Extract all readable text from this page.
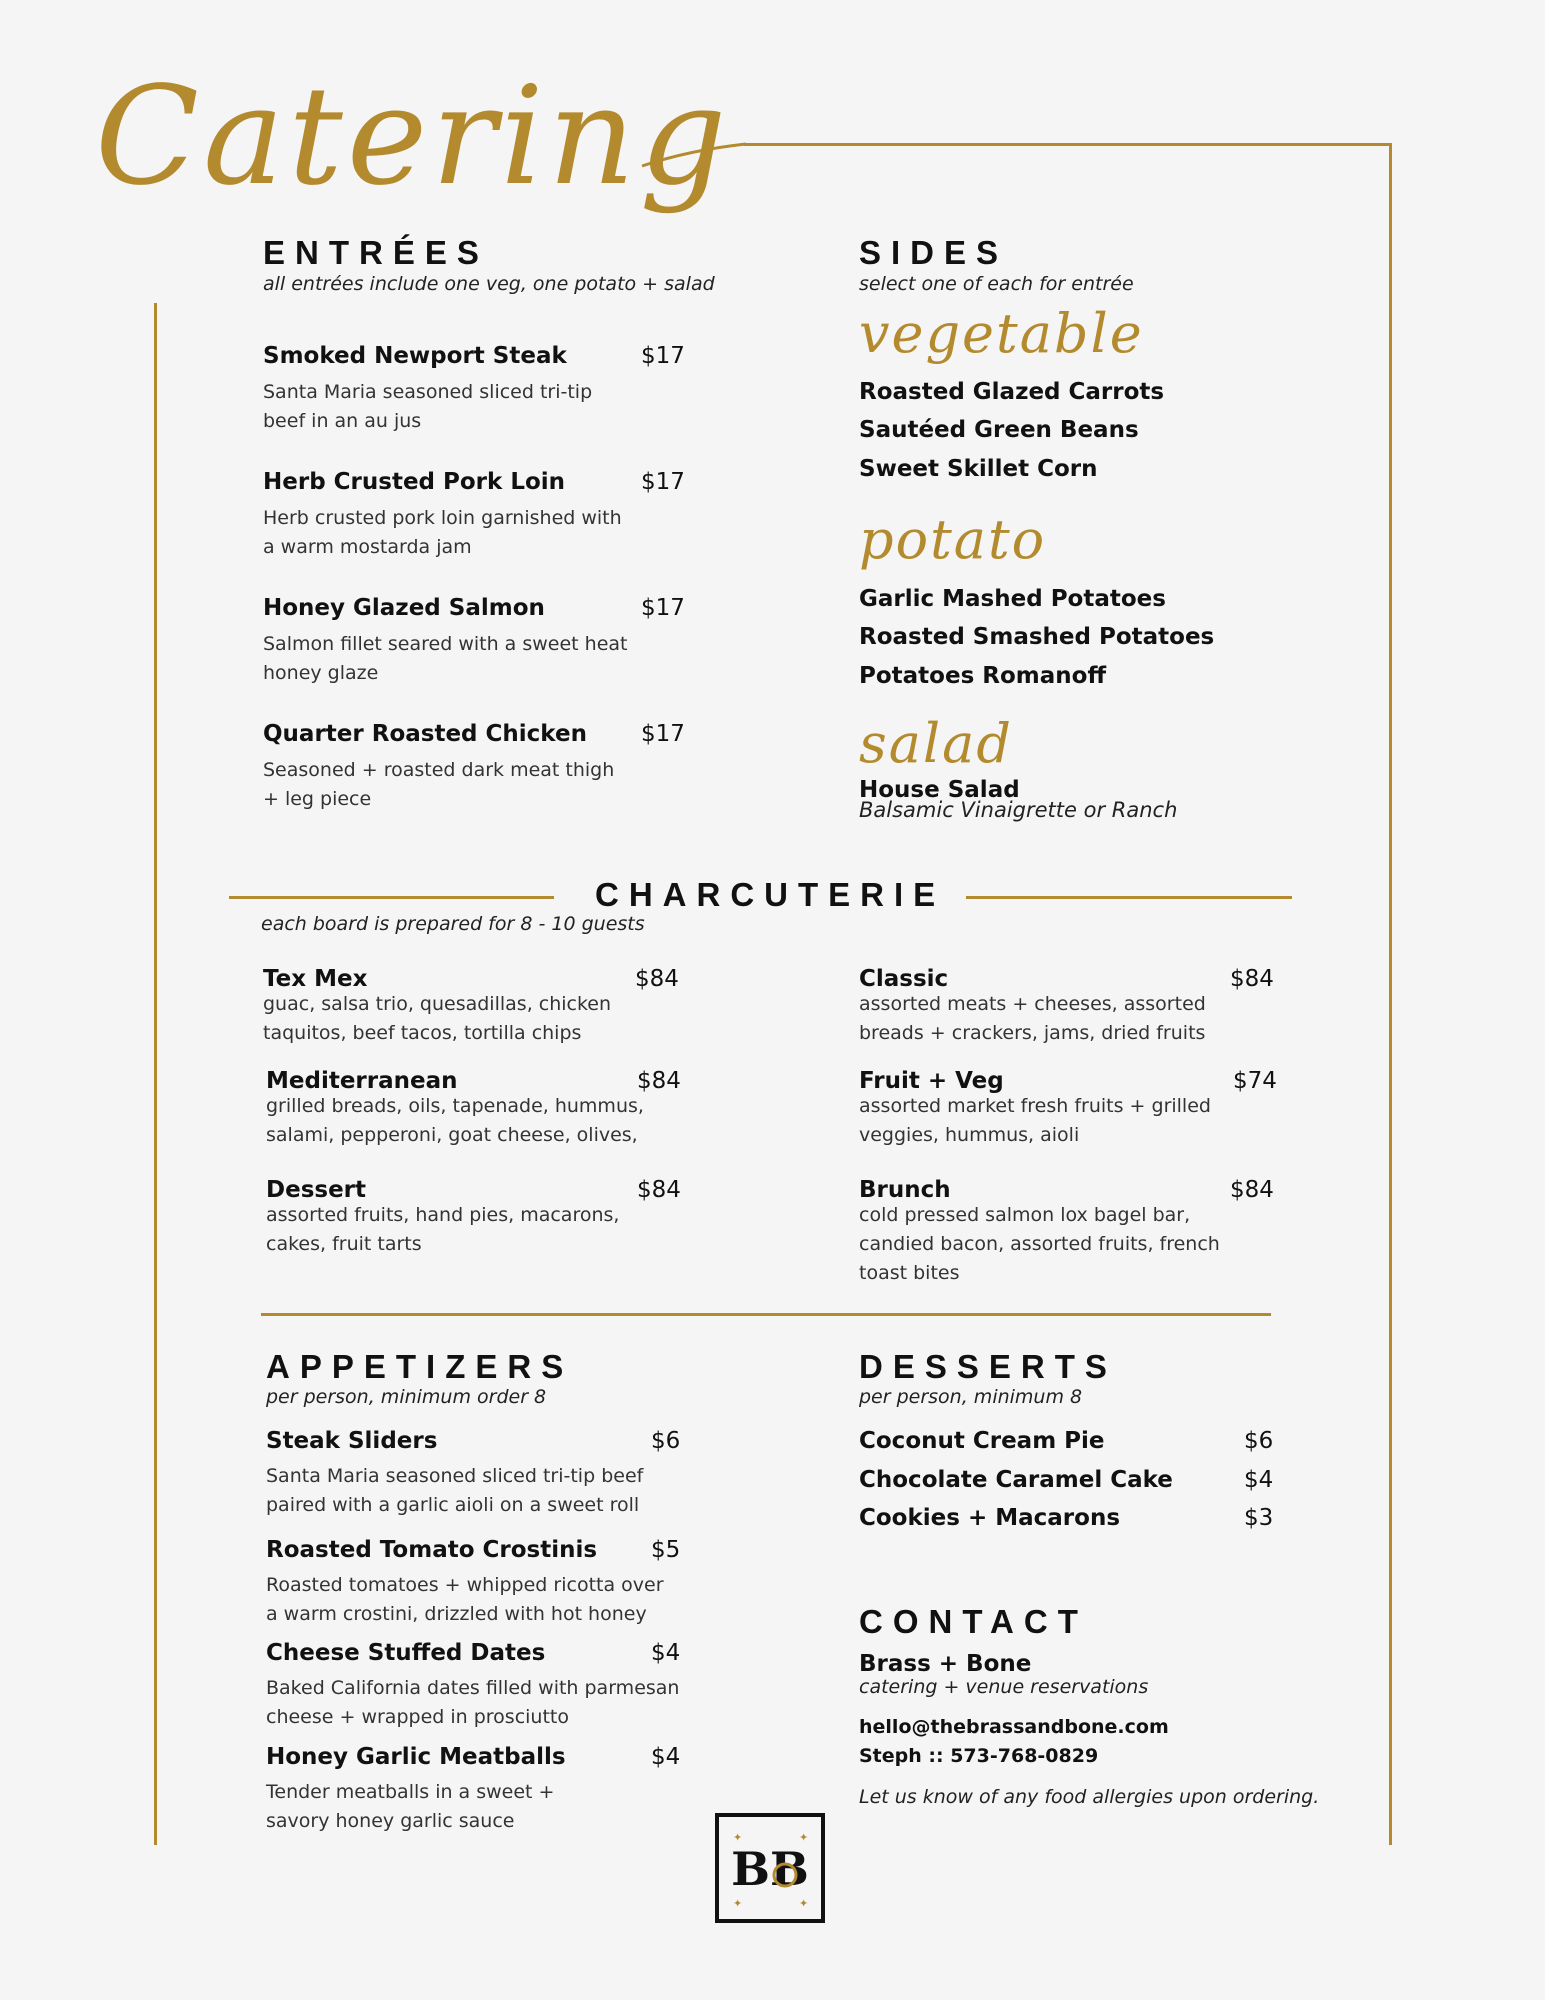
Catering
ENTRÉES
all entrées include one veg, one potato + salad
Smoked Newport Steak	$17
Santa Maria seasoned sliced tri-tip
beef in an au jus
Herb Crusted Pork Loin	$17
Herb crusted pork loin garnished with
a warm mostarda jam
Honey Glazed Salmon	$17
Salmon fillet seared with a sweet heat
honey glaze
Quarter Roasted Chicken $17
Seasoned + roasted dark meat thigh
+ leg piece
SIDES
select one of each for entrée
vegetable
Roasted Glazed Carrots
Sautéed Green Beans
Sweet Skillet Corn
potato
Garlic Mashed Potatoes
Roasted Smashed Potatoes
Potatoes Romanoff
salad
House Salad
Balsamic Vinaigrette or Ranch
CHARCUTERIE
each board is prepared for 8 - 10 guests
Tex Mex	$84
guac, salsa trio, quesadillas, chicken
taquitos, beef tacos, tortilla chips
Classic	$84
assorted meats + cheeses, assorted
breads + crackers, jams, dried fruits
Mediterranean	$84
grilled breads, oils, tapenade, hummus,
salami, pepperoni, goat cheese, olives,
Fruit + Veg	$74
assorted market fresh fruits + grilled
veggies, hummus, aioli
Dessert	$84
assorted fruits, hand pies, macarons,
cakes, fruit tarts
Brunch	$84
cold pressed salmon lox bagel bar,
candied bacon, assorted fruits, french
toast bites
APPETIZERS
per person, minimum order 8
Steak Sliders	$6
Santa Maria seasoned sliced tri-tip beef
paired with a garlic aioli on a sweet roll
Roasted Tomato Crostinis $5
Roasted tomatoes + whipped ricotta over
a warm crostini, drizzled with hot honey
Cheese Stuffed Dates	$4
Baked California dates filled with parmesan
cheese + wrapped in prosciutto
Honey Garlic Meatballs	$4
Tender meatballs in a sweet +
savory honey garlic sauce
DESSERTS
per person, minimum 8
Coconut Cream Pie	$6
Chocolate Caramel Cake	$4
Cookies + Macarons	$3
CONTACT
Brass + Bone
catering + venue reservations
hello@thebrassandbone.com
Steph :: 573-768-0829
Let us know of any food allergies upon ordering.
BB
✦	✦
✦	✦
